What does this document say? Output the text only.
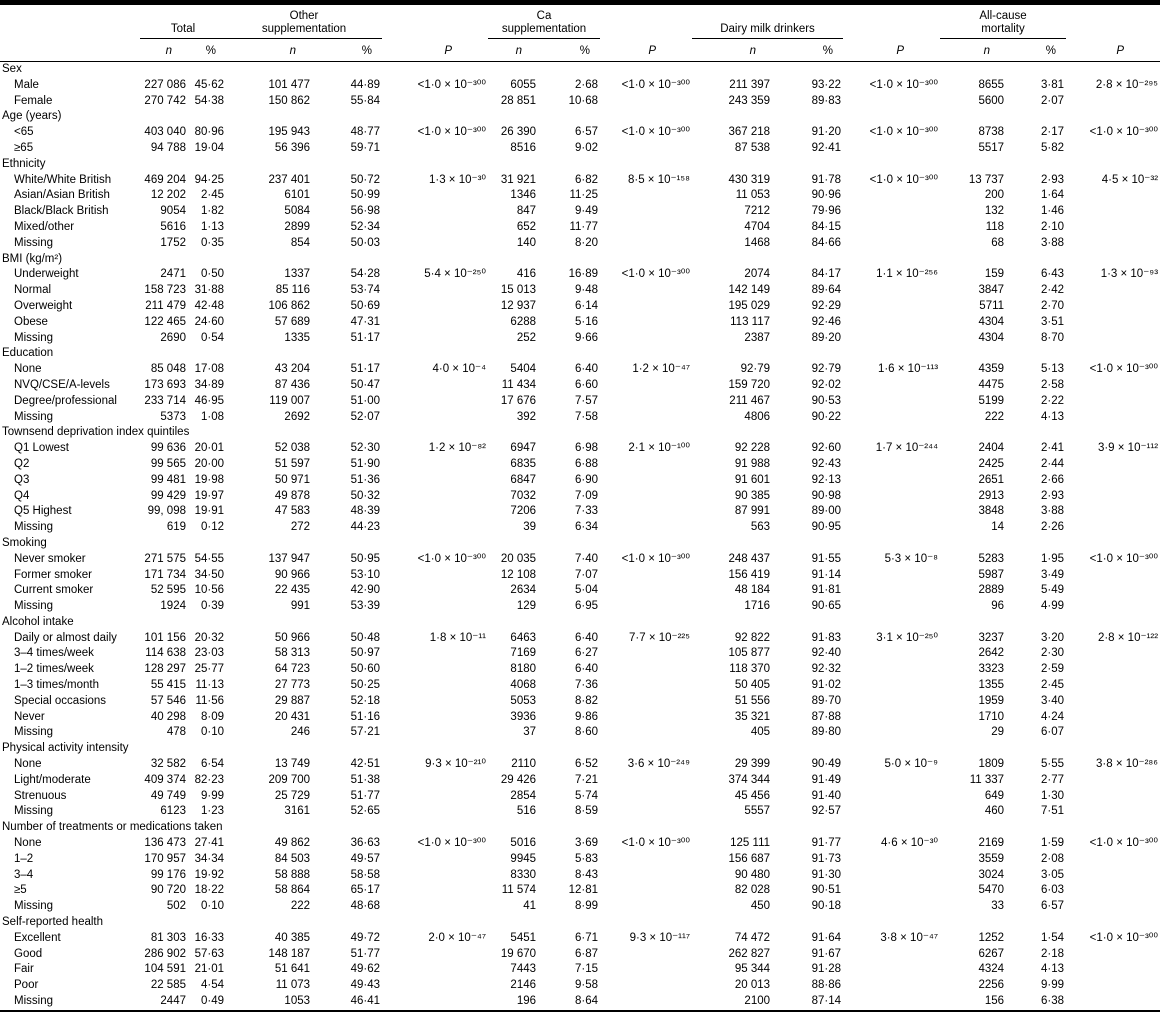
	Total		Other supplementation			Ca supplementation			Dairy milk drinkers			All-cause mortality		

	n	%	n	%	P	n	%	P	n	%	P	n	%	P
Sex														
Male	227 086	45·62	101 477	44·89	<1·0 × 10⁻³⁰⁰	6055	2·68	<1·0 × 10⁻³⁰⁰	211 397	93·22	<1·0 × 10⁻³⁰⁰	8655	3·81	2·8 × 10⁻²⁹⁵
Female	270 742	54·38	150 862	55·84		28 851	10·68		243 359	89·83		5600	2·07	
Age (years)														
<65	403 040	80·96	195 943	48·77	<1·0 × 10⁻³⁰⁰	26 390	6·57	<1·0 × 10⁻³⁰⁰	367 218	91·20	<1·0 × 10⁻³⁰⁰	8738	2·17	<1·0 × 10⁻³⁰⁰
≥65	94 788	19·04	56 396	59·71		8516	9·02		87 538	92·41		5517	5·82	
Ethnicity														
White/White British	469 204	94·25	237 401	50·72	1·3 × 10⁻³⁰	31 921	6·82	8·5 × 10⁻¹⁵⁸	430 319	91·78	<1·0 × 10⁻³⁰⁰	13 737	2·93	4·5 × 10⁻³²
Asian/Asian British	12 202	2·45	6101	50·99		1346	11·25		11 053	90·96		200	1·64	
Black/Black British	9054	1·82	5084	56·98		847	9·49		7212	79·96		132	1·46	
Mixed/other	5616	1·13	2899	52·34		652	11·77		4704	84·15		118	2·10	
Missing	1752	0·35	854	50·03		140	8·20		1468	84·66		68	3·88	
BMI (kg/m²)														
Underweight	2471	0·50	1337	54·28	5·4 × 10⁻²⁵⁰	416	16·89	<1·0 × 10⁻³⁰⁰	2074	84·17	1·1 × 10⁻²⁵⁶	159	6·43	1·3 × 10⁻⁹³
Normal	158 723	31·88	85 116	53·74		15 013	9·48		142 149	89·64		3847	2·42	
Overweight	211 479	42·48	106 862	50·69		12 937	6·14		195 029	92·29		5711	2·70	
Obese	122 465	24·60	57 689	47·31		6288	5·16		113 117	92·46		4304	3·51	
Missing	2690	0·54	1335	51·17		252	9·66		2387	89·20		4304	8·70	
Education														
None	85 048	17·08	43 204	51·17	4·0 × 10⁻⁴	5404	6·40	1·2 × 10⁻⁴⁷	92·79	92·79	1·6 × 10⁻¹¹³	4359	5·13	<1·0 × 10⁻³⁰⁰
NVQ/CSE/A-levels	173 693	34·89	87 436	50·47		11 434	6·60		159 720	92·02		4475	2·58	
Degree/professional	233 714	46·95	119 007	51·00		17 676	7·57		211 467	90·53		5199	2·22	
Missing	5373	1·08	2692	52·07		392	7·58		4806	90·22		222	4·13	
Townsend deprivation index quintiles														
Q1 Lowest	99 636	20·01	52 038	52·30	1·2 × 10⁻⁸²	6947	6·98	2·1 × 10⁻¹⁰⁰	92 228	92·60	1·7 × 10⁻²⁴⁴	2404	2·41	3·9 × 10⁻¹¹²
Q2	99 565	20·00	51 597	51·90		6835	6·88		91 988	92·43		2425	2·44	
Q3	99 481	19·98	50 971	51·36		6847	6·90		91 601	92·13		2651	2·66	
Q4	99 429	19·97	49 878	50·32		7032	7·09		90 385	90·98		2913	2·93	
Q5 Highest	99, 098	19·91	47 583	48·39		7206	7·33		87 991	89·00		3848	3·88	
Missing	619	0·12	272	44·23		39	6·34		563	90·95		14	2·26	
Smoking														
Never smoker	271 575	54·55	137 947	50·95	<1·0 × 10⁻³⁰⁰	20 035	7·40	<1·0 × 10⁻³⁰⁰	248 437	91·55	5·3 × 10⁻⁸	5283	1·95	<1·0 × 10⁻³⁰⁰
Former smoker	171 734	34·50	90 966	53·10		12 108	7·07		156 419	91·14		5987	3·49	
Current smoker	52 595	10·56	22 435	42·90		2634	5·04		48 184	91·81		2889	5·49	
Missing	1924	0·39	991	53·39		129	6·95		1716	90·65		96	4·99	
Alcohol intake														
Daily or almost daily	101 156	20·32	50 966	50·48	1·8 × 10⁻¹¹	6463	6·40	7·7 × 10⁻²²⁵	92 822	91·83	3·1 × 10⁻²⁵⁰	3237	3·20	2·8 × 10⁻¹²²
3–4 times/week	114 638	23·03	58 313	50·97		7169	6·27		105 877	92·40		2642	2·30	
1–2 times/week	128 297	25·77	64 723	50·60		8180	6·40		118 370	92·32		3323	2·59	
1–3 times/month	55 415	11·13	27 773	50·25		4068	7·36		50 405	91·02		1355	2·45	
Special occasions	57 546	11·56	29 887	52·18		5053	8·82		51 556	89·70		1959	3·40	
Never	40 298	8·09	20 431	51·16		3936	9·86		35 321	87·88		1710	4·24	
Missing	478	0·10	246	57·21		37	8·60		405	89·80		29	6·07	
Physical activity intensity														
None	32 582	6·54	13 749	42·51	9·3 × 10⁻²¹⁰	2110	6·52	3·6 × 10⁻²⁴⁹	29 399	90·49	5·0 × 10⁻⁹	1809	5·55	3·8 × 10⁻²⁸⁶
Light/moderate	409 374	82·23	209 700	51·38		29 426	7·21		374 344	91·49		11 337	2·77	
Strenuous	49 749	9·99	25 729	51·77		2854	5·74		45 456	91·40		649	1·30	
Missing	6123	1·23	3161	52·65		516	8·59		5557	92·57		460	7·51	
Number of treatments or medications taken														
None	136 473	27·41	49 862	36·63	<1·0 × 10⁻³⁰⁰	5016	3·69	<1·0 × 10⁻³⁰⁰	125 111	91·77	4·6 × 10⁻³⁰	2169	1·59	<1·0 × 10⁻³⁰⁰
1–2	170 957	34·34	84 503	49·57		9945	5·83		156 687	91·73		3559	2·08	
3–4	99 176	19·92	58 888	58·58		8330	8·43		90 480	91·30		3024	3·05	
≥5	90 720	18·22	58 864	65·17		11 574	12·81		82 028	90·51		5470	6·03	
Missing	502	0·10	222	48·68		41	8·99		450	90·18		33	6·57	
Self-reported health														
Excellent	81 303	16·33	40 385	49·72	2·0 × 10⁻⁴⁷	5451	6·71	9·3 × 10⁻¹¹⁷	74 472	91·64	3·8 × 10⁻⁴⁷	1252	1·54	<1·0 × 10⁻³⁰⁰
Good	286 902	57·63	148 187	51·77		19 670	6·87		262 827	91·67		6267	2·18	
Fair	104 591	21·01	51 641	49·62		7443	7·15		95 344	91·28		4324	4·13	
Poor	22 585	4·54	11 073	49·43		2146	9·58		20 013	88·86		2256	9·99	
Missing	2447	0·49	1053	46·41		196	8·64		2100	87·14		156	6·38	
